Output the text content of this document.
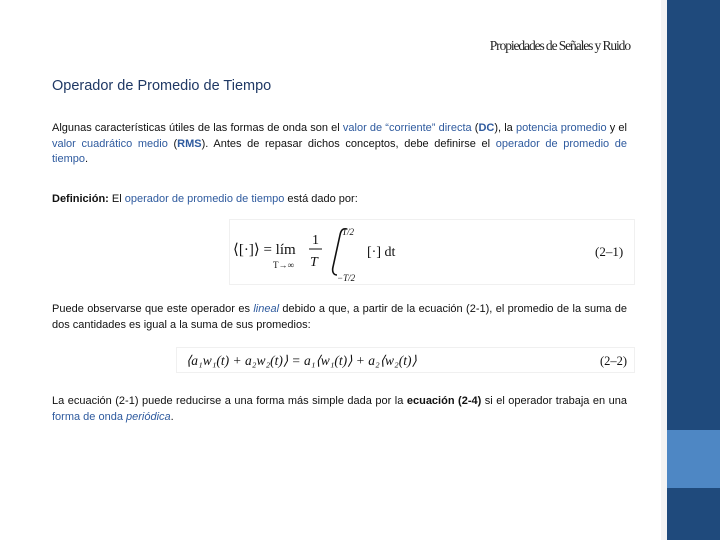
Propiedades de Señales y Ruido
Operador de Promedio de Tiempo
Algunas características útiles de las formas de onda son el valor de “corriente” directa (DC), la potencia promedio y el valor cuadrático medio (RMS). Antes de repasar dichos conceptos, debe definirse el operador de promedio de tiempo.
Definición: El operador de promedio de tiempo está dado por:
⟨[·]⟩ = lím
T→∞
1
T
T/2
−T/2
[·] dt	(2–1)
Puede observarse que este operador es lineal debido a que, a partir de la ecuación (2-1), el promedio de la suma de dos cantidades es igual a la suma de sus promedios:
⟨a₁w₁(t) + a₂w₂(t)⟩ = a₁⟨w₁(t)⟩ + a₂⟨w₂(t)⟩	(2–2)
La ecuación (2-1) puede reducirse a una forma más simple dada por la ecuación (2-4) si el operador trabaja en una forma de onda periódica.
